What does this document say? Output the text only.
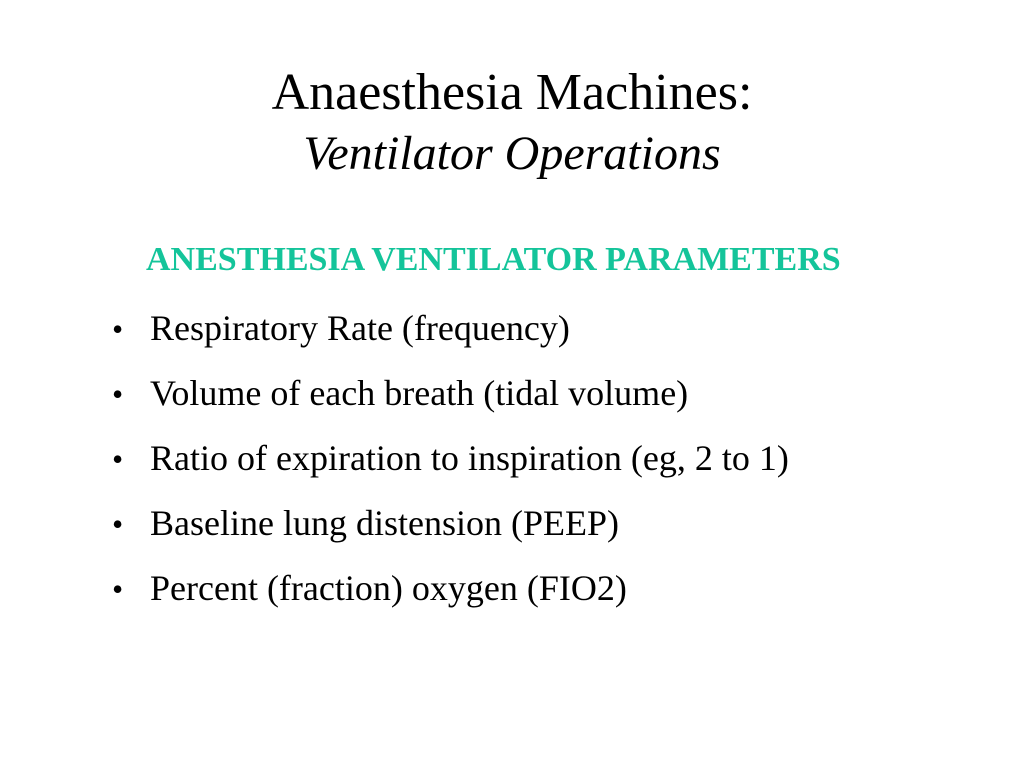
Anaesthesia Machines:
Ventilator Operations
ANESTHESIA VENTILATOR PARAMETERS
• Respiratory Rate (frequency)
• Volume of each breath (tidal volume)
• Ratio of expiration to inspiration (eg, 2 to 1)
• Baseline lung distension (PEEP)
• Percent (fraction) oxygen (FIO2)
